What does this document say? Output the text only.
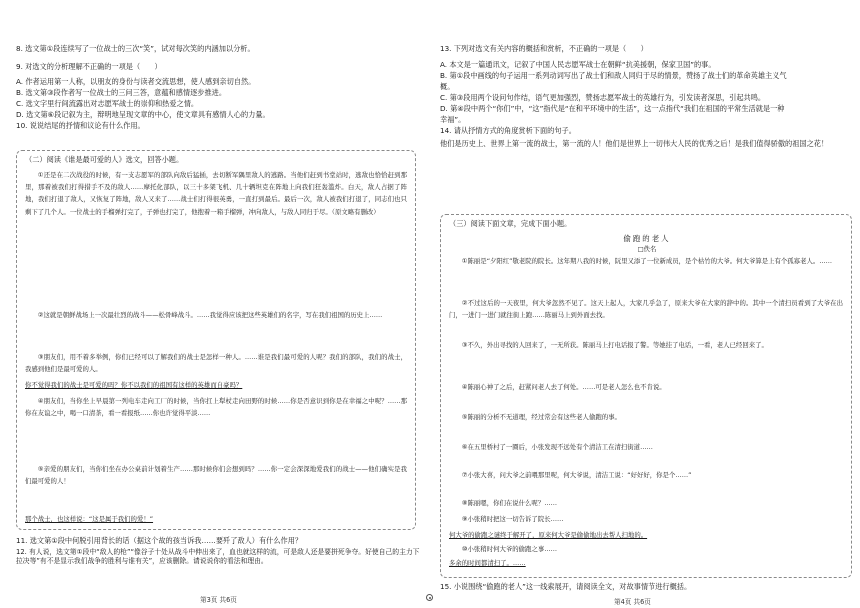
8. 选文第①段连续写了一位战士的三次“笑”，试对每次笑的内涵加以分析。
9. 对选文的分析理解不正确的一项是（　　）
A. 作者运用第一人称，以朋友的身份与读者交流思想，使人感到亲切自然。
B. 选文第③段作者写一位战士的三问三答，意蕴和感情逐步推进。
C. 选文字里行间流露出对志愿军战士的崇仰和热爱之情。
D. 选文第⑥段记叙为主，辩明地呈现文章的中心，使文章具有感情人心的力量。
10. 说说结尾的抒情和议论有什么作用。
（二）阅读《谁是最可爱的人》选文，回答小题。
①还是在二次战役的时候，有一支志愿军的部队向敌后猛插，去切断军隅里敌人的逃路。当他们赶到书堂站时，逃敌也恰恰赶到那里，那着被我们打得措手不及的敌人……摩托化部队，以三十多架飞机、几十辆坦克在阵地上向我们狂轰滥炸。白天，敌人占据了阵地，我们打退了敌人，又恢复了阵地，敌人又来了……战士们打得很英勇，一直打到最后。最后一次，敌人被我们打退了，同志们也只剩下了几个人。一位战士的手榴弹打完了，子弹也打完了，他抱着一箱手榴弹，冲向敌人，与敌人同归于尽。（原文略有删改）
②这就是朝鲜战场上一次最壮烈的战斗——松骨峰战斗。……我觉得应该把这些英雄们的名字，写在我们祖国的历史上……
③朋友们，用不着多举例，你们已经可以了解我们的战士是怎样一种人。……谁是我们最可爱的人呢？我们的部队，我们的战士，我感到他们是最可爱的人。
你不觉得我们的战士是可爱的吗？你不以我们的祖国有这样的英雄而自豪吗？
④朋友们，当你坐上早晨第一列电车走向工厂的时候，当你扛上犁杖走向田野的时候……你是否意识到你是在幸福之中呢？……那你在友谊之中，喝一口清茶，看一看报纸……你也许觉得平淡……
⑤亲爱的朋友们，当你们坐在办公桌前计划着生产……那时候你们会想到吗？……你一定会深深地爱我们的战士——他们确实是我们最可爱的人！
那个战士，也这样说：“这是属于我们的爱！”
11. 选文第①段中何脱引用背长的话（据这个故的孩当诉我……要歼了敌人）有什么作用？
12. 有人说，选文第①段中“敌人的枪”“像谷子十处从战斗中伸出来了，血也就这样的流，可是敌人还是要拼死争夺。好使自己的主力下拉决等”有不是显示我们战争的胜利与谁有关”，应该删除。请说说你的看法和理由。
第3页 共6页
13. 下列对选文有关内容的概括和赏析，不正确的一项是（　　）
A. 本文是一篇通讯文，记叙了中国人民志愿军战士在朝鲜“抗美援朝，保家卫国”的事。
B. 第①段中画线的句子运用一系列动词写出了战士们和敌人同归于尽的情景，赞扬了战士们的革命英雄主义气
概。
C. 第③段用两个设问句作结，语气更加强烈，赞扬志愿军战士的英雄行为，引发读者深思，引起共鸣。
D. 第④段中两个“你们”中，“这”指代是“在和平环境中的生活”，这一点指代“我们在祖国的平常生活就是一种
幸福”。
14. 请从抒情方式的角度赏析下面的句子。
他们是历史上、世界上第一流的战士，第一流的人！他们是世界上一切伟大人民的优秀之后！是我们值得骄傲的祖国之花！
（三）阅读下面文章，完成下面小题。
偷跑的老人
□佚名
①陈丽是“夕阳红”敬老院的院长。这年期八我的时候，阮里又添了一位新成员，是个枯竹的大爷。何大爷算是上有个孤寡老人。……
②不过这后的一天夜里，何大爷忽然不见了。这天上起人，大家几乎急了，原来大爷在大家的辞中的。其中一个清扫员看到了大爷在出门，一进门一进门就往街上跑……陈丽马上到外面去找。
③不久，外出寻找的人回来了，一无所获。陈丽马上打电话报了警。等她挂了电话，一看，老人已经回来了。
④陈丽心神了之后，赶紧问老人去了何处。……可是老人怎么也不肯说。
⑤陈丽的分析不无道理，经过常会有这些老人偷跑的事。
⑥在五里桥村了一圈后，小张发现不远处有个清洁工在清扫街道……
⑦小张大喜，问大爷之前喂那里呢，何大爷说，清洁工说：“好好好，你是个……”
⑧陈丽嗯，你们在说什么呢？……
⑨小张稍时把这一切告诉了院长……
何大爷的偷跑之谜终于解开了，原来何大爷是偷偷地出去帮人扫地的。
⑩小张稍时何大爷的偷跑之事……
多余的时间都清扫了。……
15. 小说围绕“偷跑的老人”这一线索展开，请阅读全文，对故事情节进行概括。
第4页 共6页
